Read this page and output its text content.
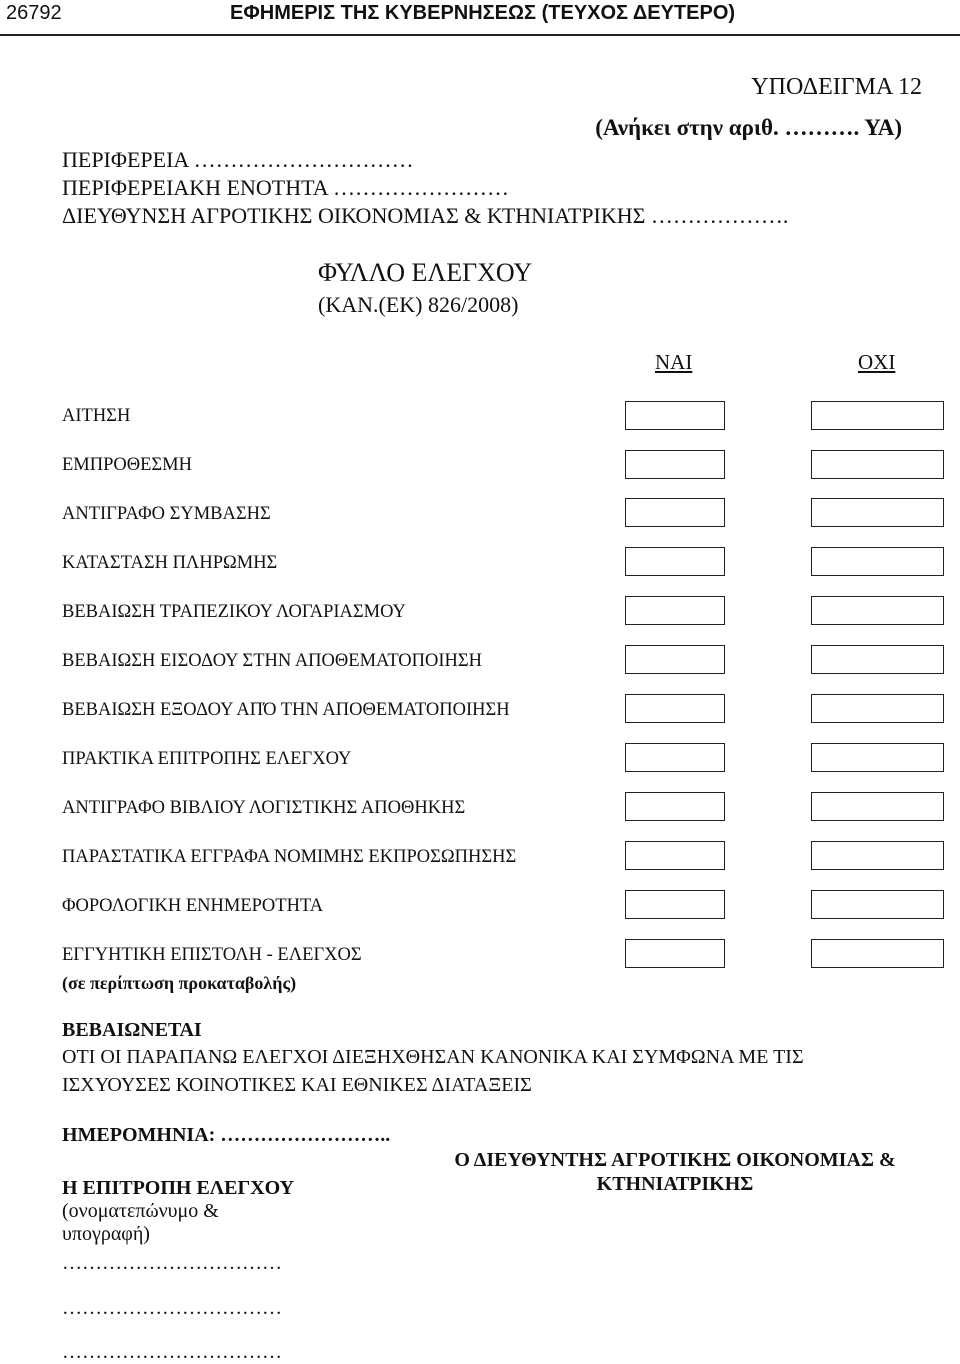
26792	ΕΦΗΜΕΡΙΣ ΤΗΣ ΚΥΒΕΡΝΗΣΕΩΣ (ΤΕΥΧΟΣ ΔΕΥΤΕΡΟ)
ΥΠΟΔΕΙΓΜΑ 12
(Ανήκει στην αριθ. ………. ΥΑ)
ΠΕΡΙΦΕΡΕΙΑ …………………………
ΠΕΡΙΦΕΡΕΙΑΚΗ ΕΝΟΤΗΤΑ ……………………
ΔΙΕΥΘΥΝΣΗ ΑΓΡΟΤΙΚΗΣ ΟΙΚΟΝΟΜΙΑΣ & ΚΤΗΝΙΑΤΡΙΚΗΣ ……………….
ΦΥΛΛΟ ΕΛΕΓΧΟΥ
(ΚΑΝ.(ΕΚ) 826/2008)
ΝΑΙ	ΟΧΙ
ΑΙΤΗΣΗ
ΕΜΠΡΟΘΕΣΜΗ
ΑΝΤΙΓΡΑΦΟ ΣΥΜΒΑΣΗΣ
ΚΑΤΑΣΤΑΣΗ ΠΛΗΡΩΜΗΣ
ΒΕΒΑΙΩΣΗ ΤΡΑΠΕΖΙΚΟΥ ΛΟΓΑΡΙΑΣΜΟΥ
ΒΕΒΑΙΩΣΗ ΕΙΣΟΔΟΥ ΣΤΗΝ ΑΠΟΘΕΜΑΤΟΠΟΙΗΣΗ
ΒΕΒΑΙΩΣΗ ΕΞΟΔΟΥ ΑΠΌ ΤΗΝ ΑΠΟΘΕΜΑΤΟΠΟΙΗΣΗ
ΠΡΑΚΤΙΚΑ ΕΠΙΤΡΟΠΗΣ ΕΛΕΓΧΟΥ
ΑΝΤΙΓΡΑΦΟ ΒΙΒΛΙΟΥ ΛΟΓΙΣΤΙΚΗΣ ΑΠΟΘΗΚΗΣ
ΠΑΡΑΣΤΑΤΙΚΑ ΕΓΓΡΑΦΑ ΝΟΜΙΜΗΣ ΕΚΠΡΟΣΩΠΗΣΗΣ
ΦΟΡΟΛΟΓΙΚΗ ΕΝΗΜΕΡΟΤΗΤΑ
ΕΓΓΥΗΤΙΚΗ ΕΠΙΣΤΟΛΗ - ΕΛΕΓΧΟΣ
(σε περίπτωση προκαταβολής)
ΒΕΒΑΙΩΝΕΤΑΙ
ΟΤΙ ΟΙ ΠΑΡΑΠΑΝΩ ΕΛΕΓΧΟΙ ΔΙΕΞΗΧΘΗΣΑΝ ΚΑΝΟΝΙΚΑ ΚΑΙ ΣΥΜΦΩΝΑ ΜΕ ΤΙΣ
ΙΣΧΥΟΥΣΕΣ ΚΟΙΝΟΤΙΚΕΣ ΚΑΙ ΕΘΝΙΚΕΣ ΔΙΑΤΑΞΕΙΣ
ΗΜΕΡΟΜΗΝΙΑ: ……………………..
Ο ΔΙΕΥΘΥΝΤΗΣ ΑΓΡΟΤΙΚΗΣ ΟΙΚΟΝΟΜΙΑΣ & ΚΤΗΝΙΑΤΡΙΚΗΣ
Η ΕΠΙΤΡΟΠΗ ΕΛΕΓΧΟΥ
(ονοματεπώνυμο &
υπογραφή)
……………………………
……………………………
……………………………
